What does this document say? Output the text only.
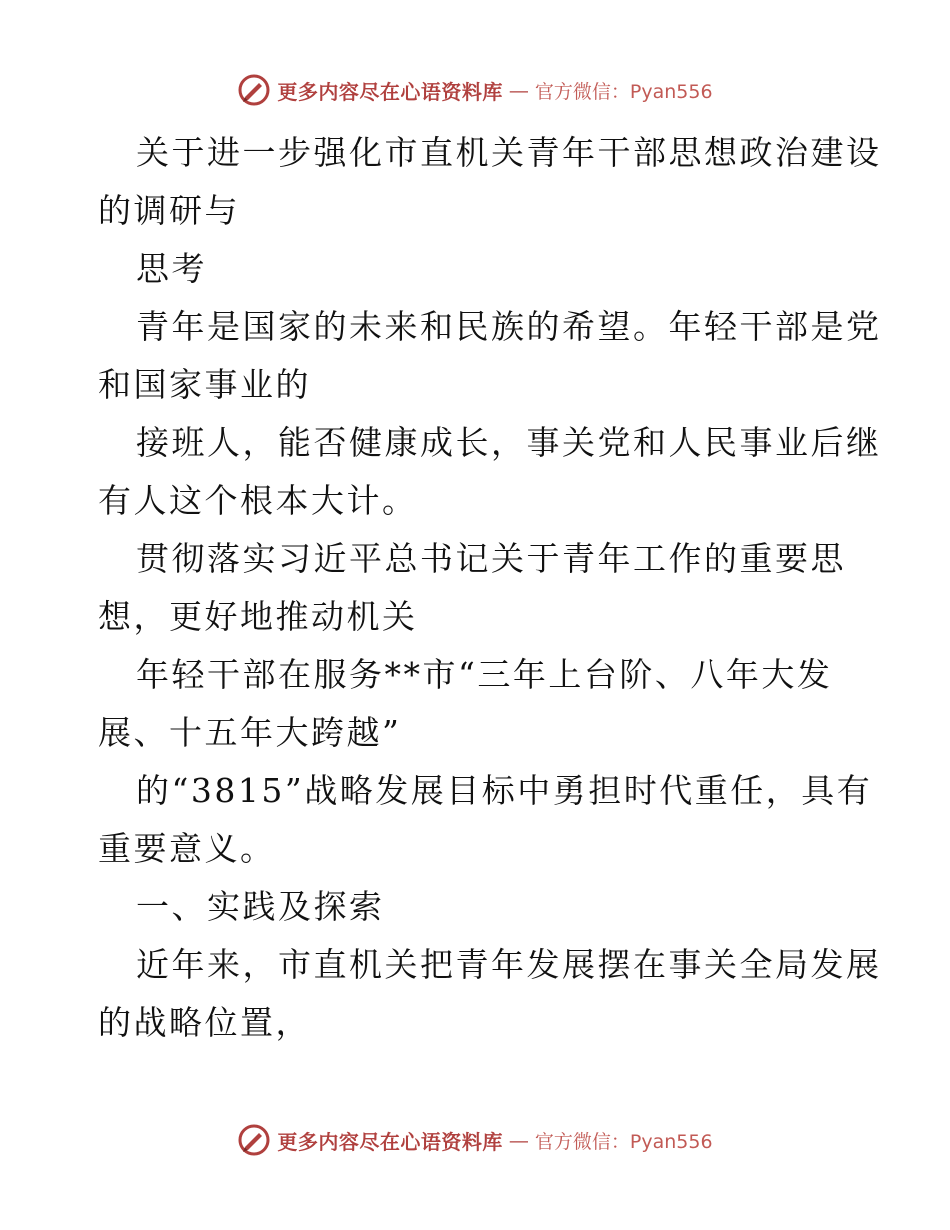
更多内容尽在心语资料库 — 官方微信：Pyan556

关于进一步强化市直机关青年干部思想政治建设

的调研与

思考

青年是国家的未来和民族的希望。年轻干部是党

和国家事业的

接班人，能否健康成长，事关党和人民事业后继

有人这个根本大计。

贯彻落实习近平总书记关于青年工作的重要思

想，更好地推动机关

年轻干部在服务**市“三年上台阶、八年大发

展、十五年大跨越”

的“3815”战略发展目标中勇担时代重任，具有

重要意义。

一、实践及探索

近年来，市直机关把青年发展摆在事关全局发展

的战略位置，

更多内容尽在心语资料库 — 官方微信：Pyan556
